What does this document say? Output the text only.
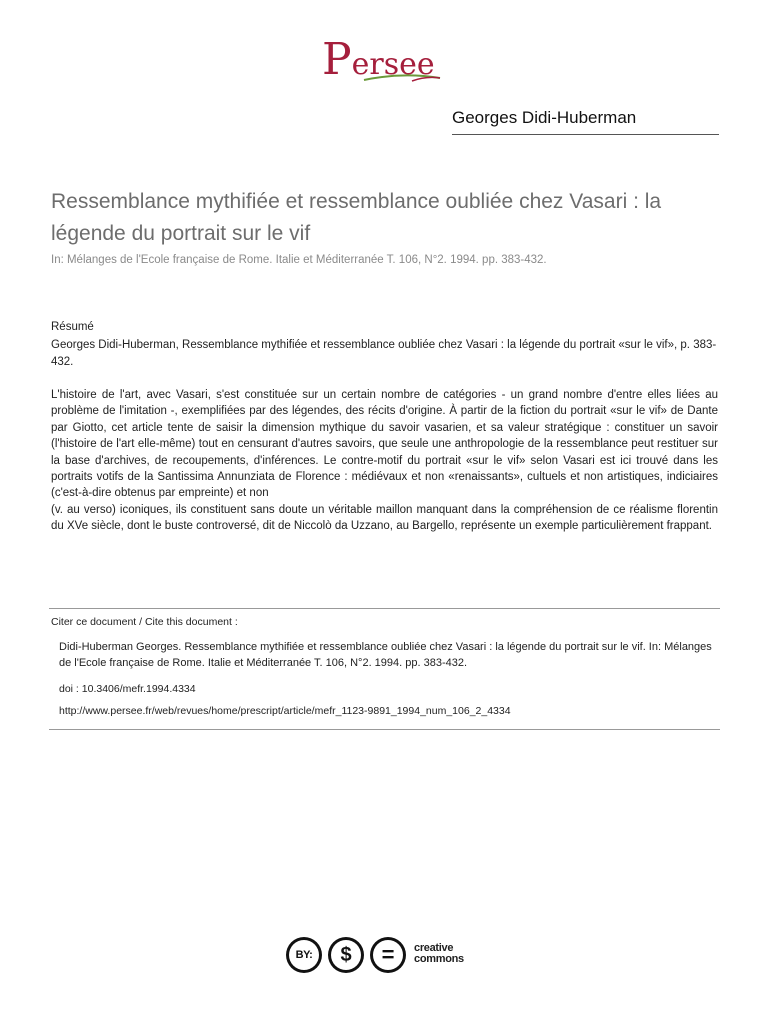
Persee
Georges Didi-Huberman
Ressemblance mythifiée et ressemblance oubliée chez Vasari : la légende du portrait sur le vif
In: Mélanges de l'Ecole française de Rome. Italie et Méditerranée T. 106, N°2. 1994. pp. 383-432.
Résumé
Georges Didi-Huberman, Ressemblance mythifiée et ressemblance oubliée chez Vasari : la légende du portrait «sur le vif», p. 383-432.

L'histoire de l'art, avec Vasari, s'est constituée sur un certain nombre de catégories - un grand nombre d'entre elles liées au problème de l'imitation -, exemplifiées par des légendes, des récits d'origine. À partir de la fiction du portrait «sur le vif» de Dante par Giotto, cet article tente de saisir la dimension mythique du savoir vasarien, et sa valeur stratégique : constituer un savoir (l'histoire de l'art elle-même) tout en censurant d'autres savoirs, que seule une anthropologie de la ressemblance peut restituer sur la base d'archives, de recoupements, d'inférences. Le contre-motif du portrait «sur le vif» selon Vasari est ici trouvé dans les portraits votifs de la Santissima Annunziata de Florence : médiévaux et non «renaissants», cultuels et non artistiques, indiciaires (c'est-à-dire obtenus par empreinte) et non

(v. au verso) iconiques, ils constituent sans doute un véritable maillon manquant dans la compréhension de ce réalisme florentin du XVe siècle, dont le buste controversé, dit de Niccolò da Uzzano, au Bargello, représente un exemple particulièrement frappant.

Citer ce document / Cite this document :
Didi-Huberman Georges. Ressemblance mythifiée et ressemblance oubliée chez Vasari : la légende du portrait sur le vif. In: Mélanges de l'Ecole française de Rome. Italie et Méditerranée T. 106, N°2. 1994. pp. 383-432.
doi : 10.3406/mefr.1994.4334
http://www.persee.fr/web/revues/home/prescript/article/mefr_1123-9891_1994_num_106_2_4334
BY:	$	=	creative
commons
